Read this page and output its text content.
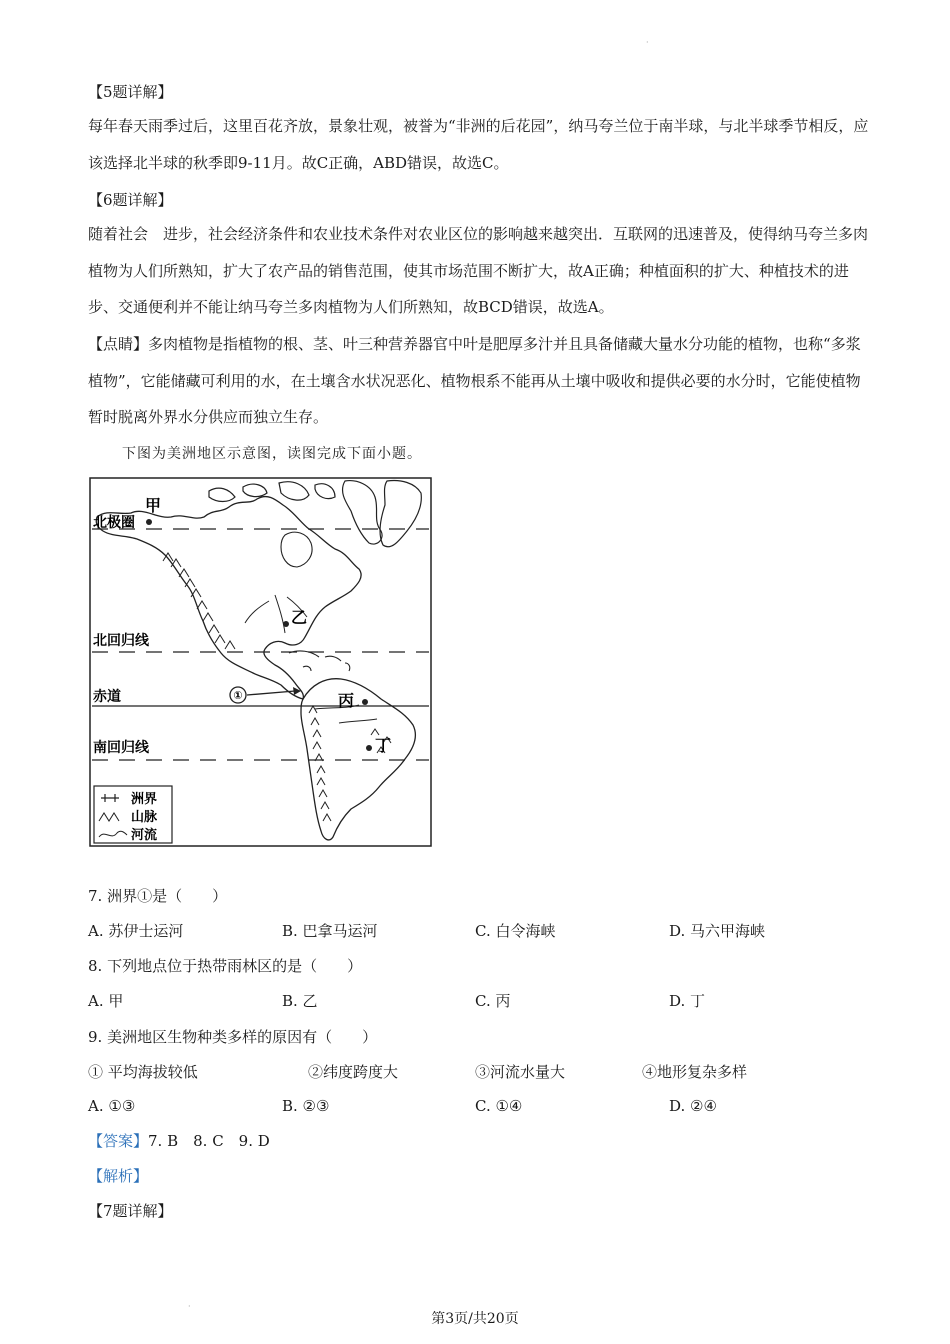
·
【5题详解】
每年春天雨季过后，这里百花齐放，景象壮观，被誉为“非洲的后花园”，纳马夸兰位于南半球，与北半球季节相反，应该选择北半球的秋季即9-11月。故C正确，ABD错误，故选C。
【6题详解】
随着社会　进步，社会经济条件和农业技术条件对农业区位的影响越来越突出．互联网的迅速普及，使得纳马夸兰多肉植物为人们所熟知，扩大了农产品的销售范围，使其市场范围不断扩大，故A正确；种植面积的扩大、种植技术的进步、交通便利并不能让纳马夸兰多肉植物为人们所熟知，故BCD错误，故选A。
【点睛】多肉植物是指植物的根、茎、叶三种营养器官中叶是肥厚多汁并且具备储藏大量水分功能的植物，也称“多浆植物”，它能储藏可利用的水，在土壤含水状况恶化、植物根系不能再从土壤中吸收和提供必要的水分时，它能使植物暂时脱离外界水分供应而独立生存。
下图为美洲地区示意图，读图完成下面小题。
①
北极圈
北回归线
赤道
南回归线
甲
乙
丙
丁
洲界
山脉
河流
7. 洲界①是（　　）
A. 苏伊士运河	B. 巴拿马运河	C. 白令海峡	D. 马六甲海峡
8. 下列地点位于热带雨林区的是（　　）
A. 甲	B. 乙	C. 丙	D. 丁
9. 美洲地区生物种类多样的原因有（　　）
① 平均海拔较低	②纬度跨度大	③河流水量大	④地形复杂多样
A. ①③	B. ②③	C. ①④	D. ②④
【答案】7. B　8. C　9. D
【解析】
【7题详解】
·
第3页/共20页
